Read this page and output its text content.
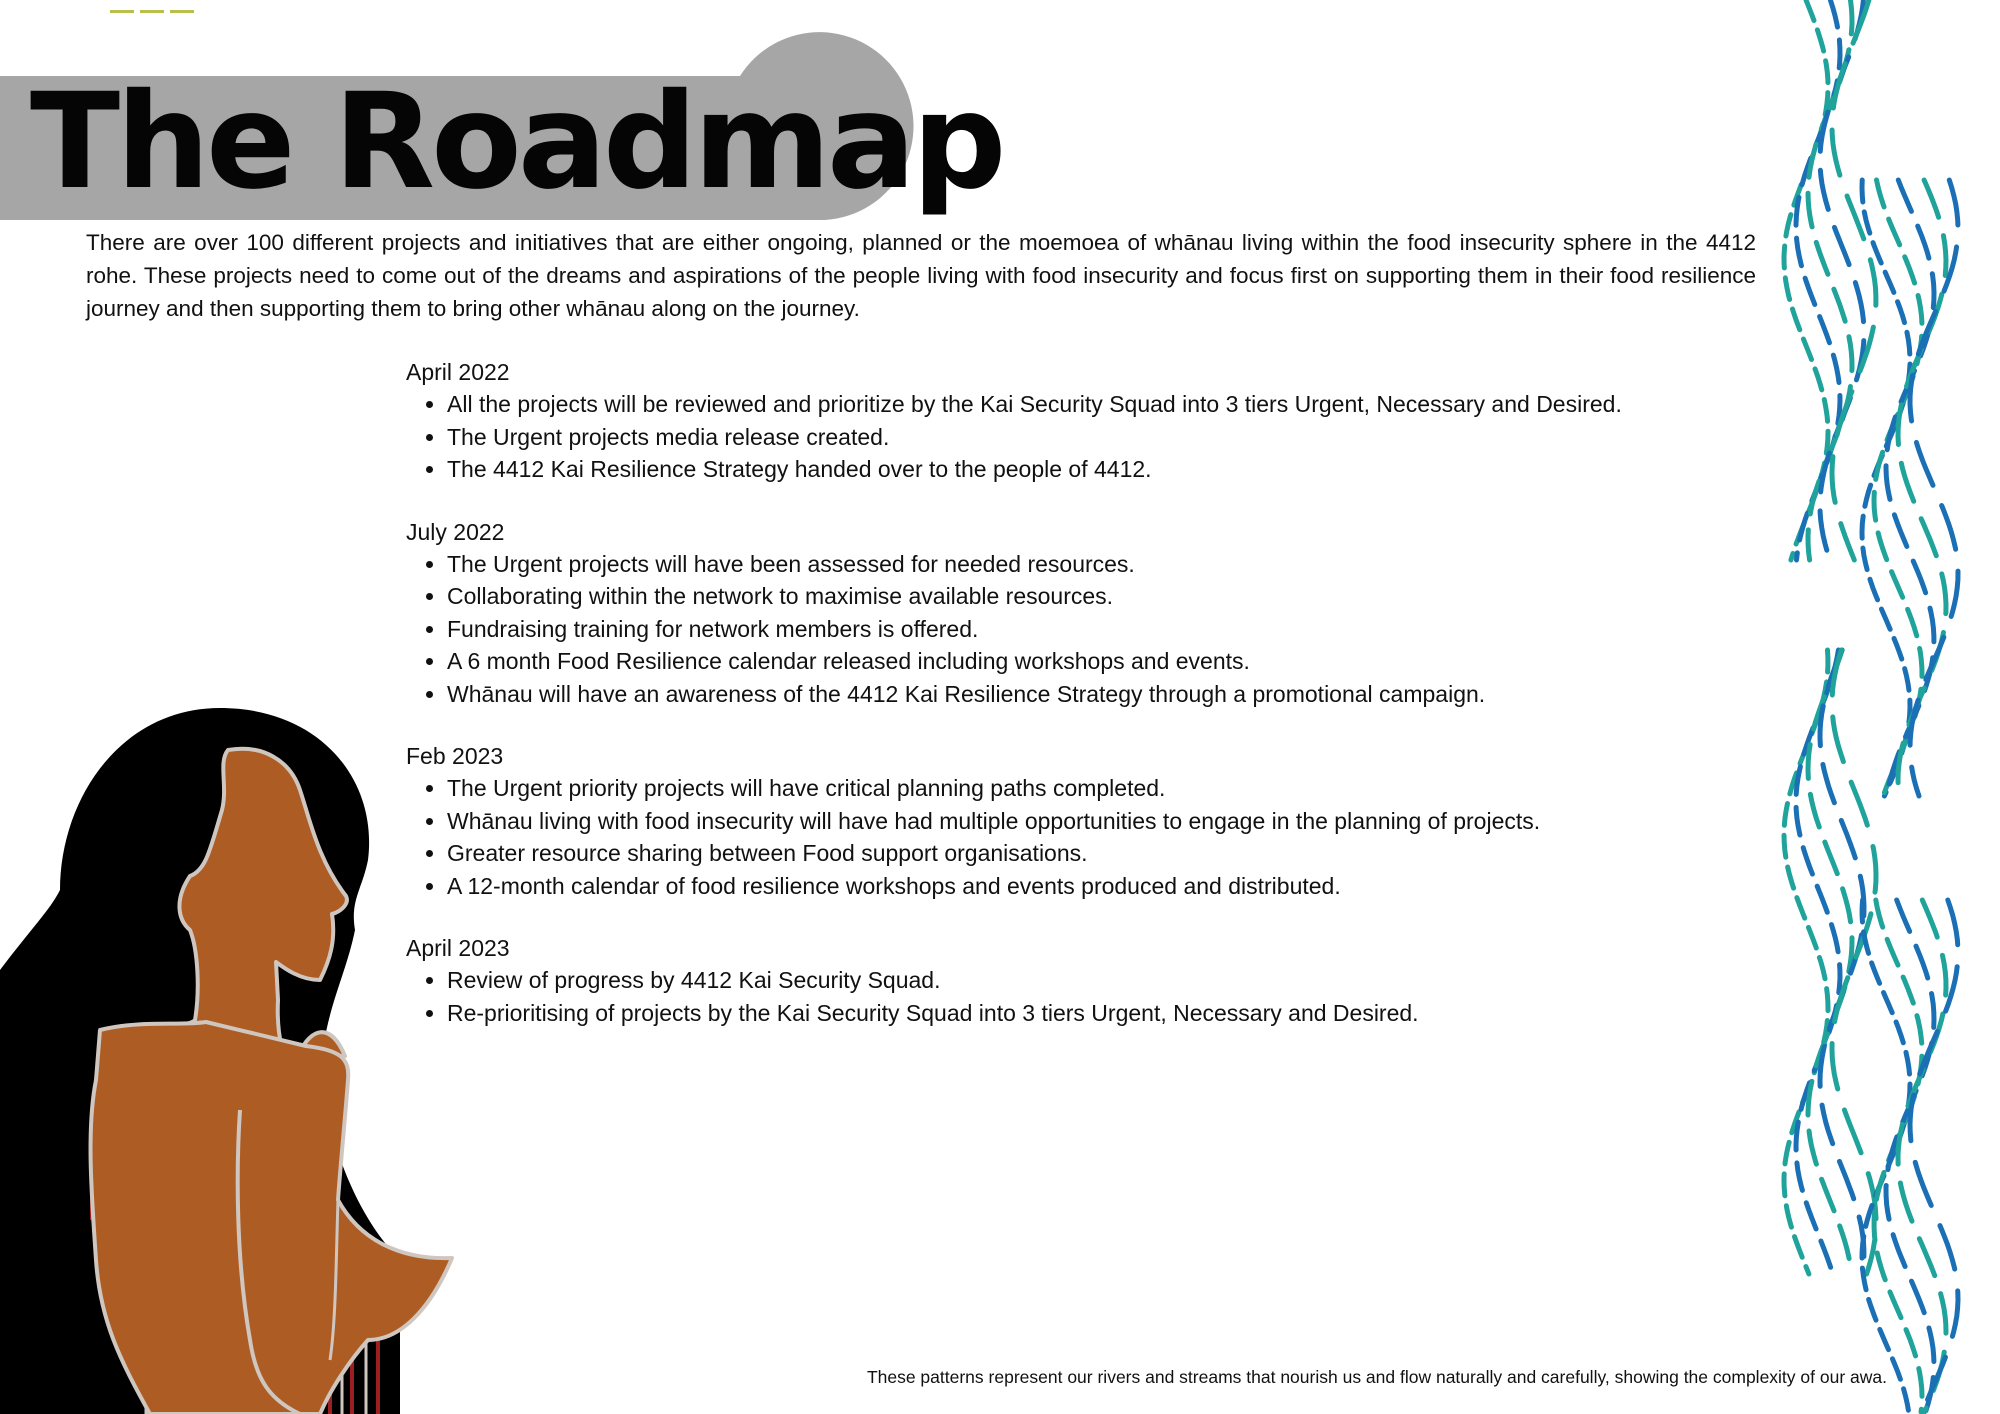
The Roadmap

There are over 100 different projects and initiatives that are either ongoing, planned or the moemoea of whānau living within the food insecurity sphere in the 4412 rohe. These projects need to come out of the dreams and aspirations of the people living with food insecurity and focus first on supporting them in their food resilience journey and then supporting them to bring other whānau along on the journey.

April 2022

• All the projects will be reviewed and prioritize by the Kai Security Squad into 3 tiers Urgent, Necessary and Desired.
• The Urgent projects media release created.
• The 4412 Kai Resilience Strategy handed over to the people of 4412.

July 2022

• The Urgent projects will have been assessed for needed resources.
• Collaborating within the network to maximise available resources.
• Fundraising training for network members is offered.
• A 6 month Food Resilience calendar released including workshops and events.
• Whānau will have an awareness of the 4412 Kai Resilience Strategy through a promotional campaign.

Feb 2023

• The Urgent priority projects will have critical planning paths completed.
• Whānau living with food insecurity will have had multiple opportunities to engage in the planning of projects.
• Greater resource sharing between Food support organisations.
• A 12-month calendar of food resilience workshops and events produced and distributed.

April 2023

• Review of progress by 4412 Kai Security Squad.
• Re-prioritising of projects by the Kai Security Squad into 3 tiers Urgent, Necessary and Desired.

These patterns represent our rivers and streams that nourish us and flow naturally and carefully, showing the complexity of our awa.
